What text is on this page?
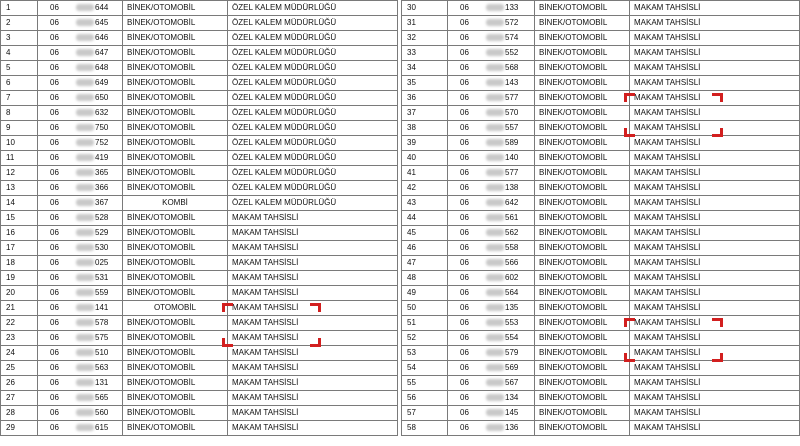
1	06 644	BİNEK/OTOMOBİL	ÖZEL KALEM MÜDÜRLÜĞÜ
2	06 645	BİNEK/OTOMOBİL	ÖZEL KALEM MÜDÜRLÜĞÜ
3	06 646	BİNEK/OTOMOBİL	ÖZEL KALEM MÜDÜRLÜĞÜ
4	06 647	BİNEK/OTOMOBİL	ÖZEL KALEM MÜDÜRLÜĞÜ
5	06 648	BİNEK/OTOMOBİL	ÖZEL KALEM MÜDÜRLÜĞÜ
6	06 649	BİNEK/OTOMOBİL	ÖZEL KALEM MÜDÜRLÜĞÜ
7	06 650	BİNEK/OTOMOBİL	ÖZEL KALEM MÜDÜRLÜĞÜ
8	06 632	BİNEK/OTOMOBİL	ÖZEL KALEM MÜDÜRLÜĞÜ
9	06 750	BİNEK/OTOMOBİL	ÖZEL KALEM MÜDÜRLÜĞÜ
10	06 752	BİNEK/OTOMOBİL	ÖZEL KALEM MÜDÜRLÜĞÜ
11	06 419	BİNEK/OTOMOBİL	ÖZEL KALEM MÜDÜRLÜĞÜ
12	06 365	BİNEK/OTOMOBİL	ÖZEL KALEM MÜDÜRLÜĞÜ
13	06 366	BİNEK/OTOMOBİL	ÖZEL KALEM MÜDÜRLÜĞÜ
14	06 367	KOMBİ	ÖZEL KALEM MÜDÜRLÜĞÜ
15	06 528	BİNEK/OTOMOBİL	MAKAM TAHSİSLİ
16	06 529	BİNEK/OTOMOBİL	MAKAM TAHSİSLİ
17	06 530	BİNEK/OTOMOBİL	MAKAM TAHSİSLİ
18	06 025	BİNEK/OTOMOBİL	MAKAM TAHSİSLİ
19	06 531	BİNEK/OTOMOBİL	MAKAM TAHSİSLİ
20	06 559	BİNEK/OTOMOBİL	MAKAM TAHSİSLİ
21	06 141	OTOMOBİL	MAKAM TAHSİSLİ
22	06 578	BİNEK/OTOMOBİL	MAKAM TAHSİSLİ
23	06 575	BİNEK/OTOMOBİL	MAKAM TAHSİSLİ
24	06 510	BİNEK/OTOMOBİL	MAKAM TAHSİSLİ
25	06 563	BİNEK/OTOMOBİL	MAKAM TAHSİSLİ
26	06 131	BİNEK/OTOMOBİL	MAKAM TAHSİSLİ
27	06 565	BİNEK/OTOMOBİL	MAKAM TAHSİSLİ
28	06 560	BİNEK/OTOMOBİL	MAKAM TAHSİSLİ
29	06 615	BİNEK/OTOMOBİL	MAKAM TAHSİSLİ
30	06 133	BİNEK/OTOMOBİL	MAKAM TAHSİSLİ
31	06 572	BİNEK/OTOMOBİL	MAKAM TAHSİSLİ
32	06 574	BİNEK/OTOMOBİL	MAKAM TAHSİSLİ
33	06 552	BİNEK/OTOMOBİL	MAKAM TAHSİSLİ
34	06 568	BİNEK/OTOMOBİL	MAKAM TAHSİSLİ
35	06 143	BİNEK/OTOMOBİL	MAKAM TAHSİSLİ
36	06 577	BİNEK/OTOMOBİL	MAKAM TAHSİSLİ
37	06 570	BİNEK/OTOMOBİL	MAKAM TAHSİSLİ
38	06 557	BİNEK/OTOMOBİL	MAKAM TAHSİSLİ
39	06 589	BİNEK/OTOMOBİL	MAKAM TAHSİSLİ
40	06 140	BİNEK/OTOMOBİL	MAKAM TAHSİSLİ
41	06 577	BİNEK/OTOMOBİL	MAKAM TAHSİSLİ
42	06 138	BİNEK/OTOMOBİL	MAKAM TAHSİSLİ
43	06 642	BİNEK/OTOMOBİL	MAKAM TAHSİSLİ
44	06 561	BİNEK/OTOMOBİL	MAKAM TAHSİSLİ
45	06 562	BİNEK/OTOMOBİL	MAKAM TAHSİSLİ
46	06 558	BİNEK/OTOMOBİL	MAKAM TAHSİSLİ
47	06 566	BİNEK/OTOMOBİL	MAKAM TAHSİSLİ
48	06 602	BİNEK/OTOMOBİL	MAKAM TAHSİSLİ
49	06 564	BİNEK/OTOMOBİL	MAKAM TAHSİSLİ
50	06 135	BİNEK/OTOMOBİL	MAKAM TAHSİSLİ
51	06 553	BİNEK/OTOMOBİL	MAKAM TAHSİSLİ
52	06 554	BİNEK/OTOMOBİL	MAKAM TAHSİSLİ
53	06 579	BİNEK/OTOMOBİL	MAKAM TAHSİSLİ
54	06 569	BİNEK/OTOMOBİL	MAKAM TAHSİSLİ
55	06 567	BİNEK/OTOMOBİL	MAKAM TAHSİSLİ
56	06 134	BİNEK/OTOMOBİL	MAKAM TAHSİSLİ
57	06 145	BİNEK/OTOMOBİL	MAKAM TAHSİSLİ
58	06 136	BİNEK/OTOMOBİL	MAKAM TAHSİSLİ
